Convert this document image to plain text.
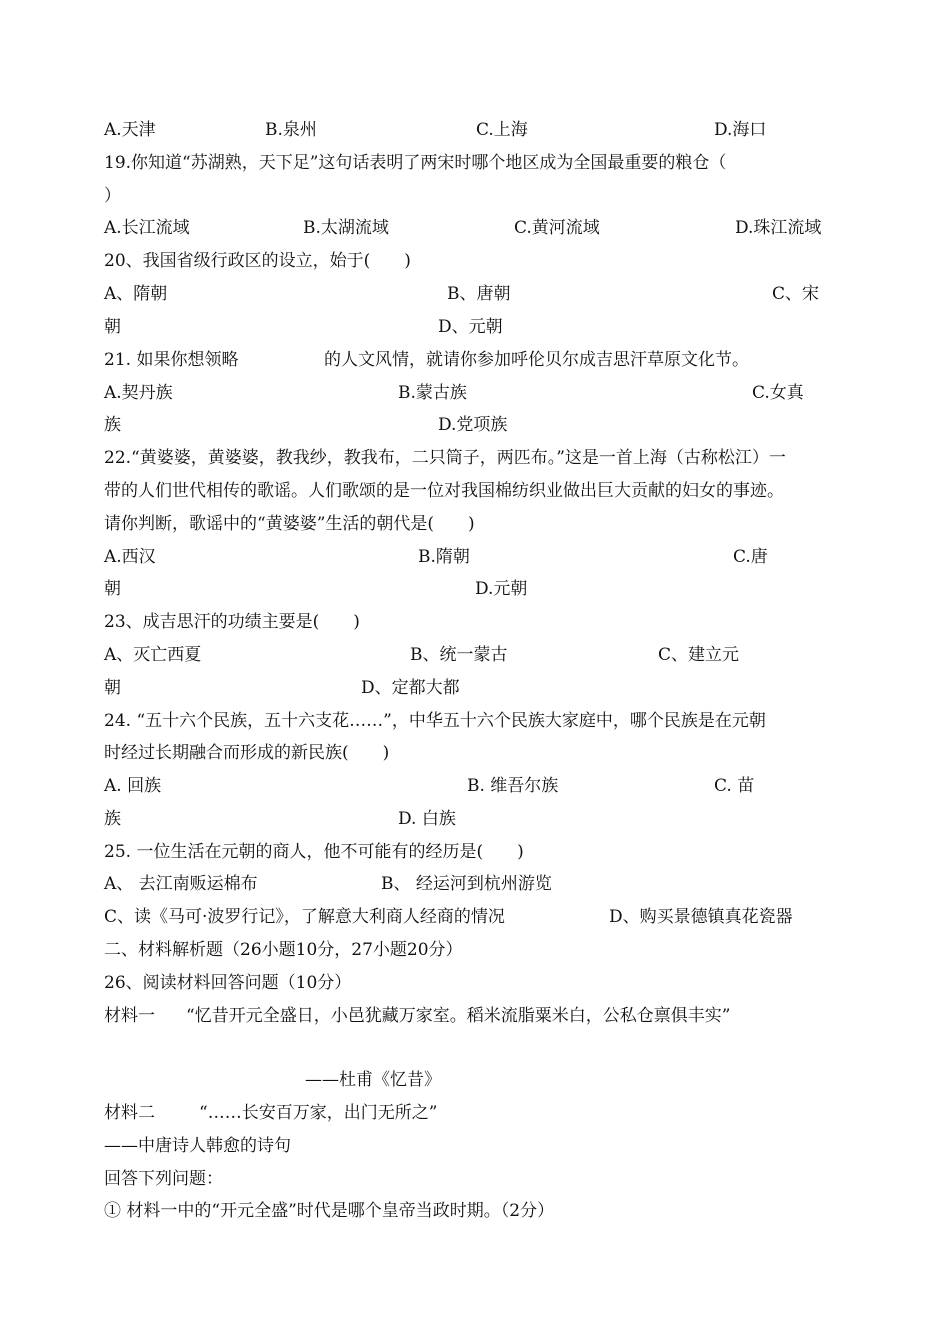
A.天津	B.泉州	C.上海	D.海口
19.你知道“苏湖熟，天下足”这句话表明了两宋时哪个地区成为全国最重要的粮仓（
）
A.长江流域	B.太湖流域	C.黄河流域	D.珠江流域
20、我国省级行政区的设立，始于(　　)
A、隋朝	B、唐朝	C、宋
朝	D、元朝
21. 如果你想领略	的人文风情，就请你参加呼伦贝尔成吉思汗草原文化节。
A.契丹族	B.蒙古族	C.女真
族	D.党项族
22.“黄婆婆，黄婆婆，教我纱，教我布，二只筒子，两匹布。”这是一首上海（古称松江）一
带的人们世代相传的歌谣。人们歌颂的是一位对我国棉纺织业做出巨大贡献的妇女的事迹。
请你判断，歌谣中的“黄婆婆”生活的朝代是(　　)
A.西汉	B.隋朝	C.唐
朝	D.元朝
23、成吉思汗的功绩主要是(　　)
A、灭亡西夏	B、统一蒙古	C、建立元
朝	D、定都大都
24. “五十六个民族，五十六支花……”，中华五十六个民族大家庭中，哪个民族是在元朝
时经过长期融合而形成的新民族(　　)
A. 回族	B. 维吾尔族	C. 苗
族	D. 白族
25. 一位生活在元朝的商人，他不可能有的经历是(　　)
A、 去江南贩运棉布	B、 经运河到杭州游览
C、读《马可·波罗行记》，了解意大利商人经商的情况	D、购买景德镇真花瓷器
二、材料解析题（26小题10分，27小题20分）
26、阅读材料回答问题（10分）
材料一 “忆昔开元全盛日，小邑犹藏万家室。稻米流脂粟米白，公私仓禀俱丰实”
——杜甫《忆昔》
材料二	“……长安百万家，出门无所之”
——中唐诗人韩愈的诗句
回答下列问题：
① 材料一中的“开元全盛”时代是哪个皇帝当政时期。（2分）
